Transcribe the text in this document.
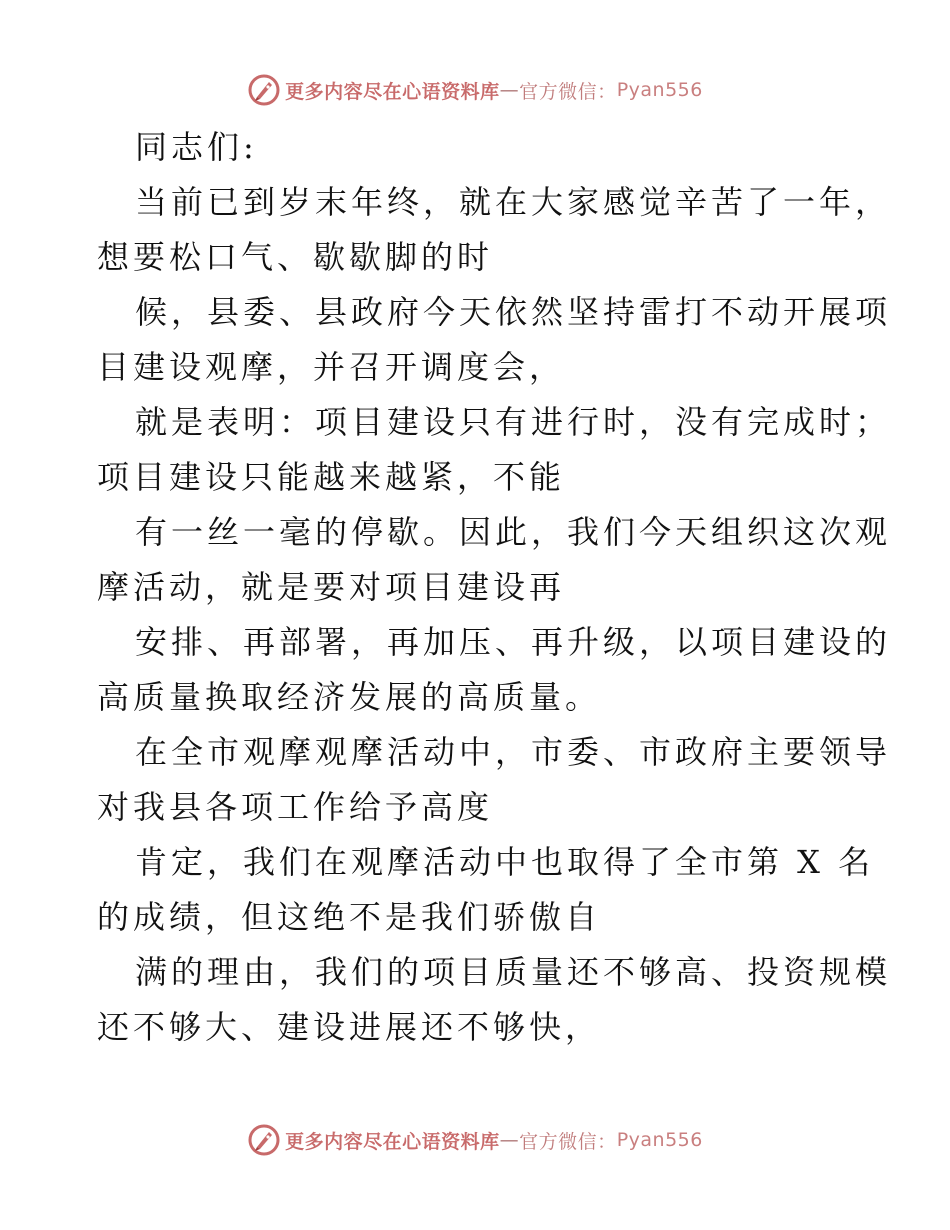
更多内容尽在心语资料库 — 官方微信： Pyan556

同志们:

当前已到岁末年终，就在大家感觉辛苦了一年，

想要松口气、歇歇脚的时

候，县委、县政府今天依然坚持雷打不动开展项

目建设观摩，并召开调度会，

就是表明：项目建设只有进行时，没有完成时；

项目建设只能越来越紧，不能

有一丝一毫的停歇。因此，我们今天组织这次观

摩活动，就是要对项目建设再

安排、再部署，再加压、再升级，以项目建设的

高质量换取经济发展的高质量。

在全市观摩观摩活动中，市委、市政府主要领导

对我县各项工作给予高度

肯定，我们在观摩活动中也取得了全市第 X 名

的成绩，但这绝不是我们骄傲自

满的理由，我们的项目质量还不够高、投资规模

还不够大、建设进展还不够快，

更多内容尽在心语资料库 — 官方微信： Pyan556
